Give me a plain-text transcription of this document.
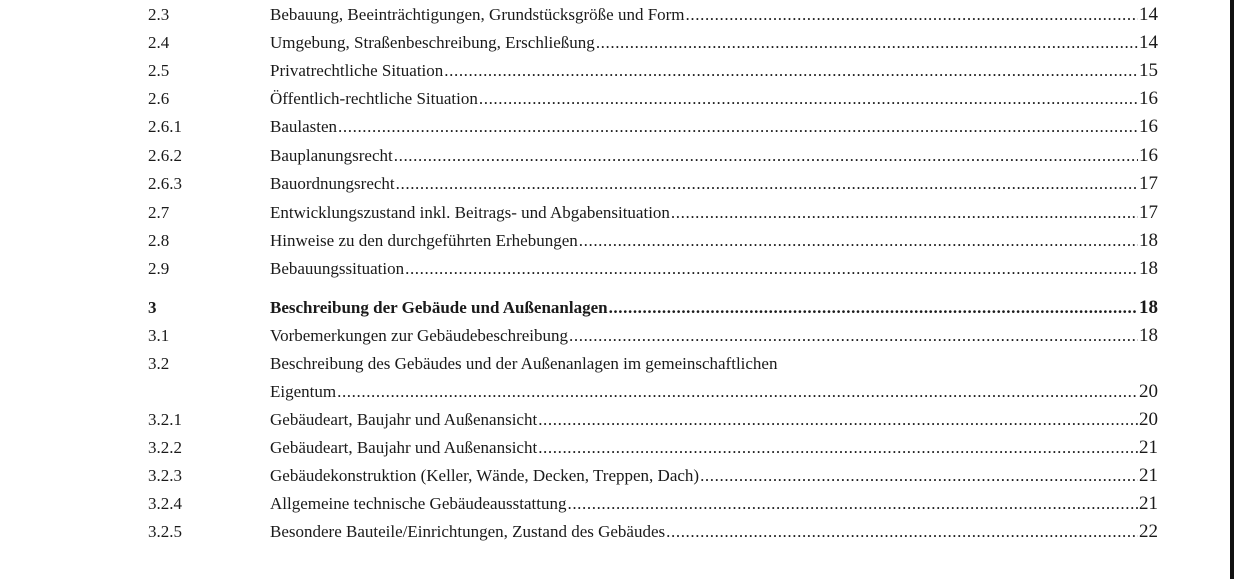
2.3	Bebauung, Beeinträchtigungen, Grundstücksgröße und Form .....	14
2.4	Umgebung, Straßenbeschreibung, Erschließung .....	14
2.5	Privatrechtliche Situation .....	15
2.6	Öffentlich-rechtliche Situation .....	16
2.6.1	Baulasten .....	16
2.6.2	Bauplanungsrecht .....	16
2.6.3	Bauordnungsrecht .....	17
2.7	Entwicklungszustand inkl. Beitrags- und Abgabensituation .....	17
2.8	Hinweise zu den durchgeführten Erhebungen .....	18
2.9	Bebauungssituation .....	18
3	Beschreibung der Gebäude und Außenanlagen .....	18
3.1	Vorbemerkungen zur Gebäudebeschreibung .....	18
3.2	Beschreibung des Gebäudes und der Außenanlagen im gemeinschaftlichen
Eigentum .....	20
3.2.1	Gebäudeart, Baujahr und Außenansicht .....	20
3.2.2	Gebäudeart, Baujahr und Außenansicht .....	21
3.2.3	Gebäudekonstruktion (Keller, Wände, Decken, Treppen, Dach) .....	21
3.2.4	Allgemeine technische Gebäudeausstattung .....	21
3.2.5	Besondere Bauteile/Einrichtungen, Zustand des Gebäudes .....	22
